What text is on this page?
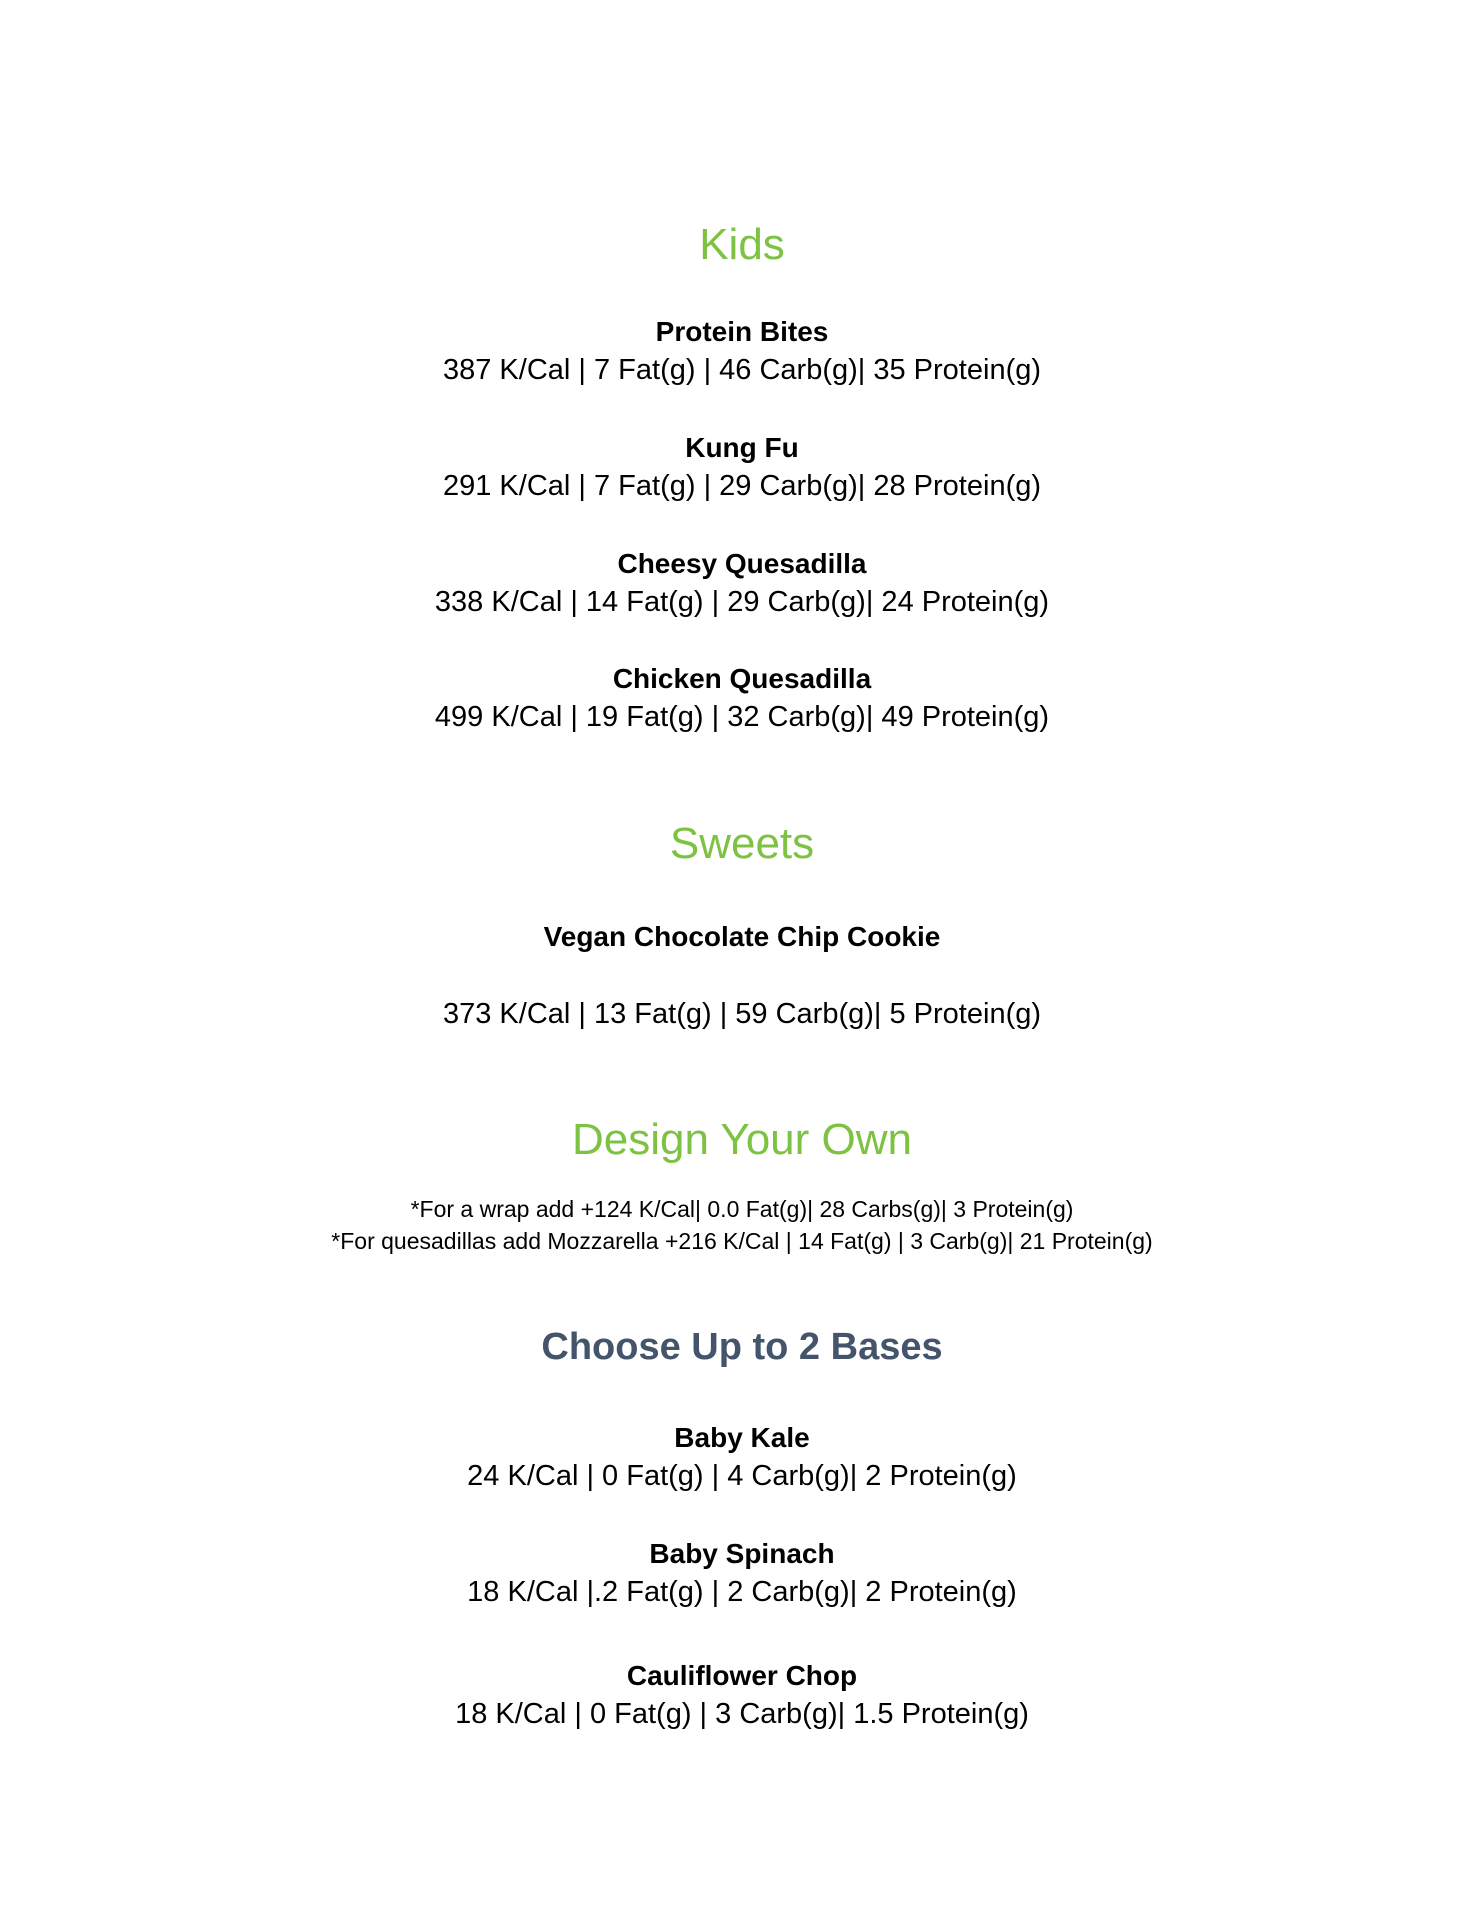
Kids
Protein Bites
387 K/Cal | 7 Fat(g) | 46 Carb(g)| 35 Protein(g)
Kung Fu
291 K/Cal | 7 Fat(g) | 29 Carb(g)| 28 Protein(g)
Cheesy Quesadilla
338 K/Cal | 14 Fat(g) | 29 Carb(g)| 24 Protein(g)
Chicken Quesadilla
499 K/Cal | 19 Fat(g) | 32 Carb(g)| 49 Protein(g)
Sweets
Vegan Chocolate Chip Cookie
373 K/Cal | 13 Fat(g) | 59 Carb(g)| 5 Protein(g)
Design Your Own
*For a wrap add +124 K/Cal| 0.0 Fat(g)| 28 Carbs(g)| 3 Protein(g)
*For quesadillas add Mozzarella +216 K/Cal | 14 Fat(g) | 3 Carb(g)| 21 Protein(g)
Choose Up to 2 Bases
Baby Kale
24 K/Cal | 0 Fat(g) | 4 Carb(g)| 2 Protein(g)
Baby Spinach
18 K/Cal |.2 Fat(g) | 2 Carb(g)| 2 Protein(g)
Cauliflower Chop
18 K/Cal | 0 Fat(g) | 3 Carb(g)| 1.5 Protein(g)
